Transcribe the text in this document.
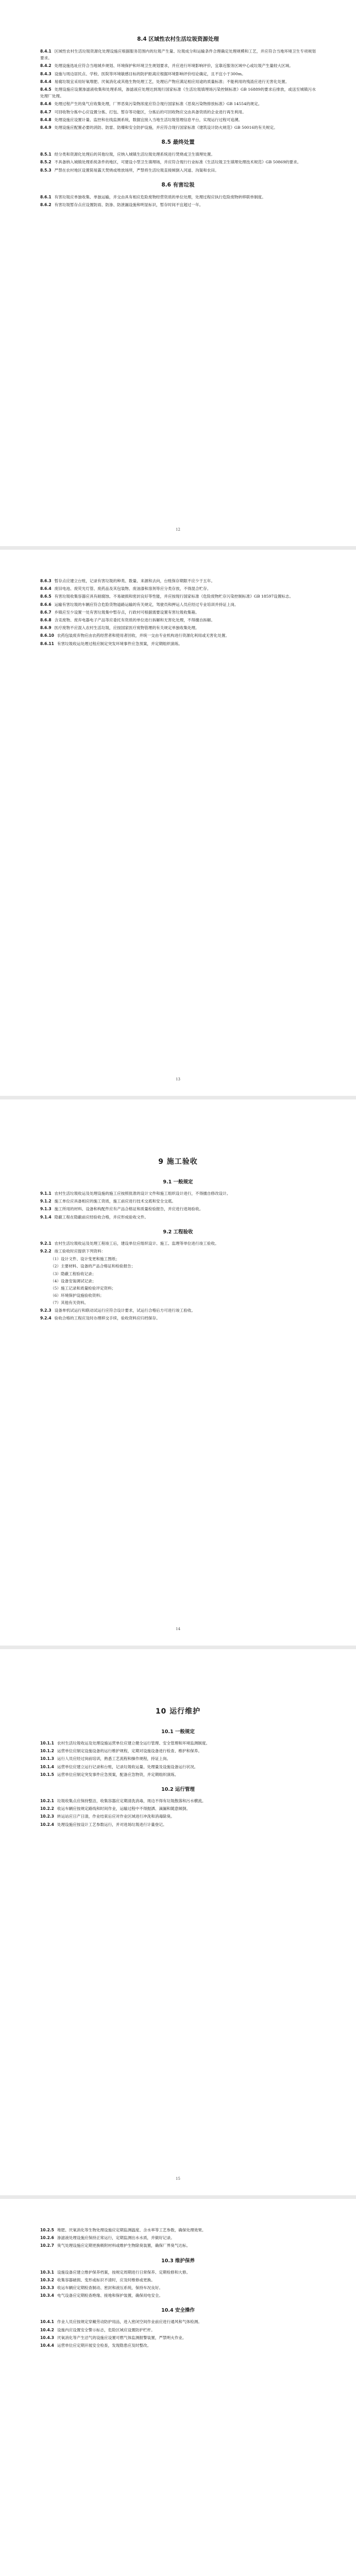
8.4 区域性农村生活垃圾资源处理

8.4.1 区域性农村生活垃圾资源化处理设施应根据服务范围内的垃圾产生量、垃圾成分和运输条件合理确定处理规模和工艺，并应符合当地环境卫生专项规划要求。

8.4.2 处理设施选址应符合当地城乡规划、环境保护和环境卫生规划要求，并应进行环境影响评价，宜靠近服务区域中心或垃圾产生量较大区域。

8.4.3 设施与周边居民点、学校、医院等环境敏感目标的防护距离应根据环境影响评价结论确定，且不宜小于300m。

8.4.4 易腐垃圾宜采用好氧堆肥、厌氧消化或其他生物处理工艺，处理后产物应满足相应用途的质量标准；不能利用的残渣应进行无害化处置。

8.4.5 处理设施应设置渗滤液收集和处理系统，渗滤液应处理达到现行国家标准《生活垃圾填埋场污染控制标准》GB 16889的要求后排放，或送至城镇污水处理厂处理。

8.4.6 处理过程产生的臭气应收集处理，厂界恶臭污染物浓度应符合现行国家标准《恶臭污染物排放标准》GB 14554的规定。

8.4.7 可回收物分拣中心应设置分拣、打包、暂存等功能区，分拣后的可回收物应交由具备资质的企业进行再生利用。

8.4.8 处理设施应设置计量、监控和在线监测系统，数据宜接入当地生活垃圾管理信息平台，实现运行过程可追溯。

8.4.9 处理设施应配置必要的消防、防雷、防爆和安全防护设施，并应符合现行国家标准《建筑设计防火规范》GB 50016的有关规定。

8.5 最终处置

8.5.1 经分类和资源化处理后的其他垃圾，应纳入城镇生活垃圾处理系统进行焚烧或卫生填埋处置。

8.5.2 不具备纳入城镇处理系统条件的地区，可建设小型卫生填埋场，并应符合现行行业标准《生活垃圾卫生填埋处理技术规范》GB 50869的要求。

8.5.3 严禁在农村地区设置简易露天焚烧或堆放场所，严禁将生活垃圾直接倾倒入河道、沟渠和农田。

8.6 有害垃圾

8.6.1 有害垃圾应单独收集、单独运输，并交由具有相应危险废物经营资质的单位处理，处理过程应执行危险废物转移联单制度。

8.6.2 有害垃圾暂存点应设置防雨、防渗、防泄漏设施和明显标识，暂存时间不宜超过一年。

12

8.6.3 暂存点应建立台账，记录有害垃圾的种类、数量、来源和去向，台账保存期限不应少于五年。

8.6.4 废旧电池、废荧光灯管、废药品及其包装物、废油漆和溶剂等应分类存放，不得混合贮存。

8.6.5 有害垃圾收集容器应具有耐腐蚀、不易破损和密封良好等性能，并应按现行国家标准《危险废物贮存污染控制标准》GB 18597设置标志。

8.6.6 运输有害垃圾的车辆应符合危险货物道路运输的有关规定，驾驶员和押运人员应经过专业培训并持证上岗。

8.6.7 乡镇应至少设置一处有害垃圾集中暂存点，行政村可根据需要设置有害垃圾收集箱。

8.6.8 含汞废物、废弃电器电子产品等应委托有资质的单位进行拆解和无害化处理，不得擅自拆解。

8.6.9 医疗废物不应混入农村生活垃圾，应按国家医疗废物管理的有关规定单独收集处理。

8.6.10 农药包装废弃物应由农药经营者和使用者回收，并统一交由专业机构进行资源化利用或无害化处置。

8.6.11 有害垃圾收运处理过程应制定突发环境事件应急预案，并定期组织演练。

13
9 施工验收
9.1 一般规定

9.1.1 农村生活垃圾收运及处理设施的施工应按照批准的设计文件和施工组织设计进行，不得擅自修改设计。

9.1.2 施工单位应具备相应的施工资质，施工前应进行技术交底和安全交底。

9.1.3 施工所用的材料、设备和构配件应有产品合格证和质量检验报告，并应进行进场验收。

9.1.4 隐蔽工程在隐蔽前应经验收合格，并应形成验收文件。

9.2 工程验收

9.2.1 农村生活垃圾收运及处理工程竣工后，建设单位应组织设计、施工、监理等单位进行竣工验收。

9.2.2 竣工验收时应提供下列资料：

（1）设计文件、设计变更和施工图纸；

（2）主要材料、设备的产品合格证和检验报告；

（3）隐蔽工程验收记录；

（4）设备安装调试记录；

（5）施工记录和质量检验评定资料；

（6）环境保护设施验收资料；

（7）其他有关资料。

9.2.3 设备单机试运行和联动试运行应符合设计要求，试运行合格后方可进行竣工验收。

9.2.4 验收合格的工程应及时办理移交手续，验收资料应归档保存。

14
10 运行维护
10.1 一般规定

10.1.1 农村生活垃圾收运及处理设施运营单位应建立健全运行管理、安全管理和环境监测制度。

10.1.2 运营单位应制定设施设备的运行维护规程，定期对设施设备进行检查、维护和保养。

10.1.3 运行人员应经过岗前培训，熟悉工艺流程和操作规程，持证上岗。

10.1.4 运营单位应建立运行记录和台账，记录垃圾收运量、处理量及设施设备运行状况。

10.1.5 运营单位应制定突发事件应急预案，配备应急物资，并定期组织演练。

10.2 运行管理

10.2.1 垃圾收集点应保持整洁，收集容器应定期清洗消毒，周边不得有垃圾散落和污水横流。

10.2.2 收运车辆应按规定路线和时间作业，运输过程中不得抛洒、滴漏和随意倾倒。

10.2.3 转运站应日产日清，作业结束后应对作业区域进行冲洗和消毒除臭。

10.2.4 处理设施应按设计工艺参数运行，并对进场垃圾进行计量登记。

15

10.2.5 堆肥、厌氧消化等生物处理设施应定期监测温度、含水率等工艺参数，确保处理效果。

10.2.6 渗滤液处理设施应保持正常运行，定期监测出水水质，并做好记录。

10.2.7 臭气处理设施应定期更换吸附材料或维护生物除臭装置，确保厂界臭气达标。

10.3 维护保养

10.3.1 设施设备应建立维护保养档案，按规定周期进行日常保养、定期检修和大修。

10.3.2 收集容器破损、变形或标识不清时，应及时维修或更换。

10.3.3 收运车辆应定期检查制动、密封和液压系统，保持车况良好。

10.3.4 电气设备应定期检查绝缘、接地和保护装置，确保用电安全。

10.4 安全操作

10.4.1 作业人员应按规定穿戴劳动防护用品，进入密闭空间作业前应进行通风和气体检测。

10.4.2 设施内应设置安全警示标志，危险区域应设置防护栏杆。

10.4.3 厌氧消化等产生沼气的设施应设置可燃气体监测报警装置，严禁明火作业。

10.4.4 运营单位应定期开展安全检查，发现隐患应及时整改。
